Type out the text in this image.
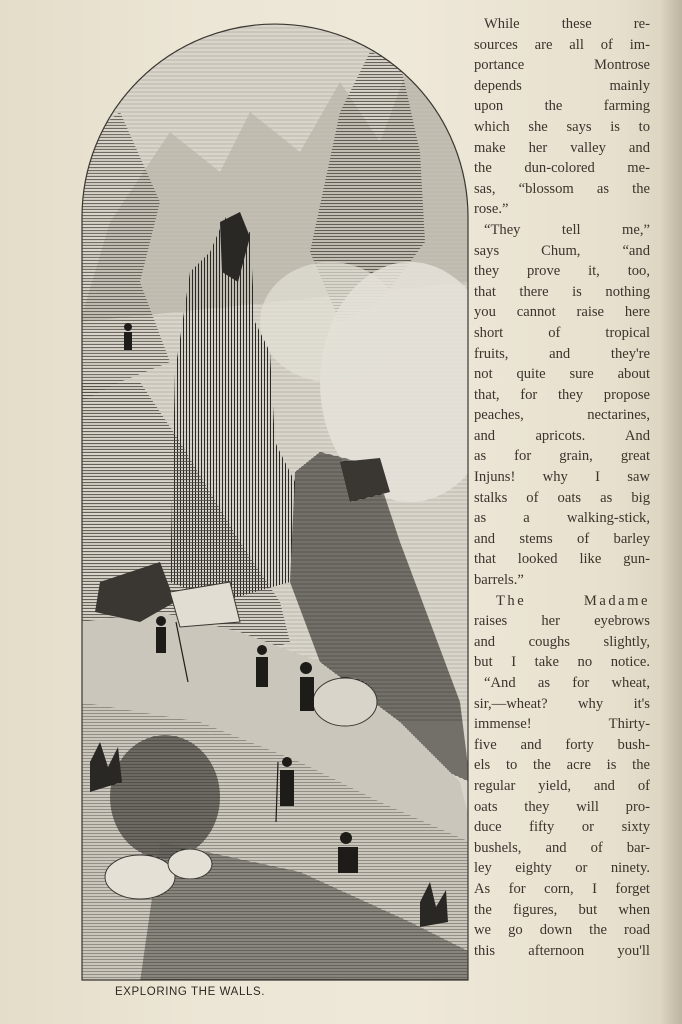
EXPLORING THE WALLS.
While these re-
sources are all of im-
portance Montrose
depends mainly
upon the farming
which she says is to
make her valley and
the dun-colored me-
sas, “blossom as the
rose.”
“They tell me,”
says Chum, “and
they prove it, too,
that there is nothing
you cannot raise here
short of tropical
fruits, and they're
not quite sure about
that, for they propose
peaches, nectarines,
and apricots. And
as for grain, great
Injuns! why I saw
stalks of oats as big
as a walking-stick,
and stems of barley
that looked like gun-
barrels.”
The Madame
raises her eyebrows
and coughs slightly,
but I take no notice.
“And as for wheat,
sir,—wheat? why it's
immense! Thirty-
five and forty bush-
els to the acre is the
regular yield, and of
oats they will pro-
duce fifty or sixty
bushels, and of bar-
ley eighty or ninety.
As for corn, I forget
the figures, but when
we go down the road
this afternoon you'll
